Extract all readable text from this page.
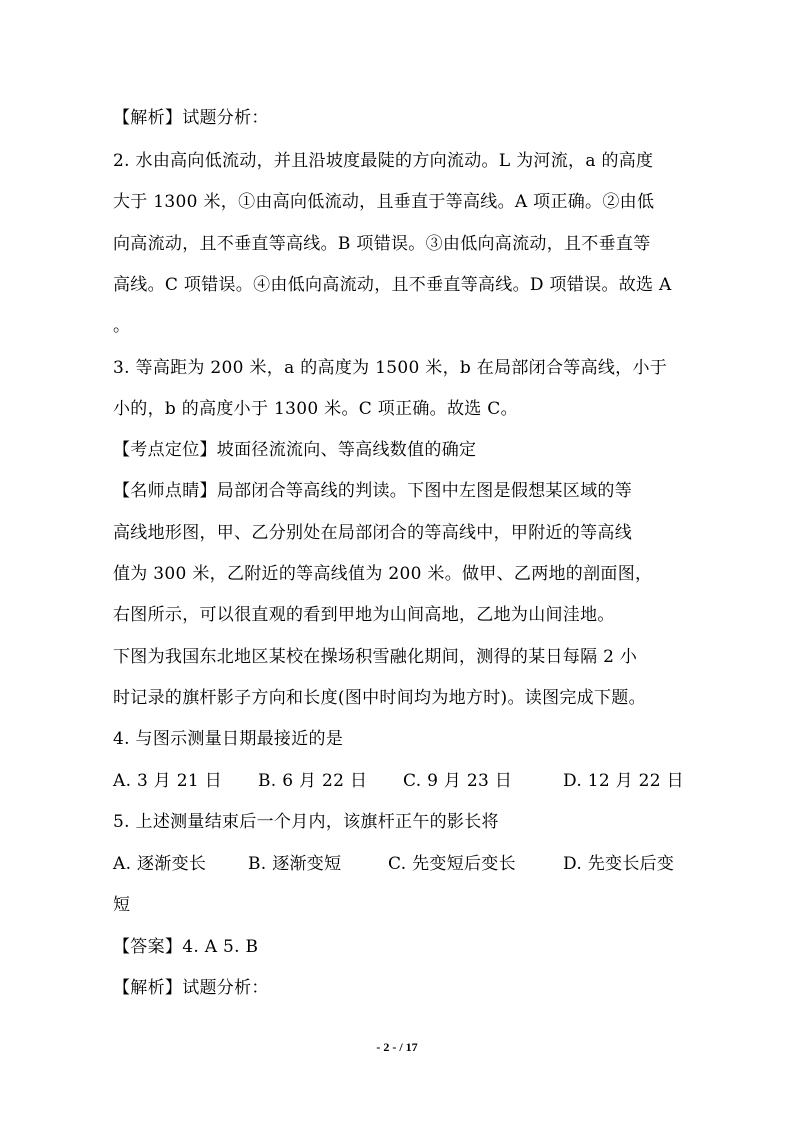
【解析】试题分析：
2. 水由高向低流动，并且沿坡度最陡的方向流动。L 为河流，a 的高度
大于 1300 米，①由高向低流动，且垂直于等高线。A 项正确。②由低
向高流动，且不垂直等高线。B 项错误。③由低向高流动，且不垂直等
高线。C 项错误。④由低向高流动，且不垂直等高线。D 项错误。故选 A
。
3. 等高距为 200 米，a 的高度为 1500 米，b 在局部闭合等高线，小于
小的，b 的高度小于 1300 米。C 项正确。故选 C。
【考点定位】坡面径流流向、等高线数值的确定
【名师点睛】局部闭合等高线的判读。下图中左图是假想某区域的等
高线地形图，甲、乙分别处在局部闭合的等高线中，甲附近的等高线
值为 300 米，乙附近的等高线值为 200 米。做甲、乙两地的剖面图，
右图所示，可以很直观的看到甲地为山间高地，乙地为山间洼地。
下图为我国东北地区某校在操场积雪融化期间，测得的某日每隔 2 小
时记录的旗杆影子方向和长度(图中时间均为地方时)。读图完成下题。
4. 与图示测量日期最接近的是
A. 3 月 21 日 B. 6 月 22 日 C. 9 月 23 日	D. 12 月 22 日
5. 上述测量结束后一个月内，该旗杆正午的影长将
A. 逐渐变长 B. 逐渐变短	C. 先变短后变长	D. 先变长后变
短
【答案】4. A 5. B
【解析】试题分析：
- 2 - / 17
